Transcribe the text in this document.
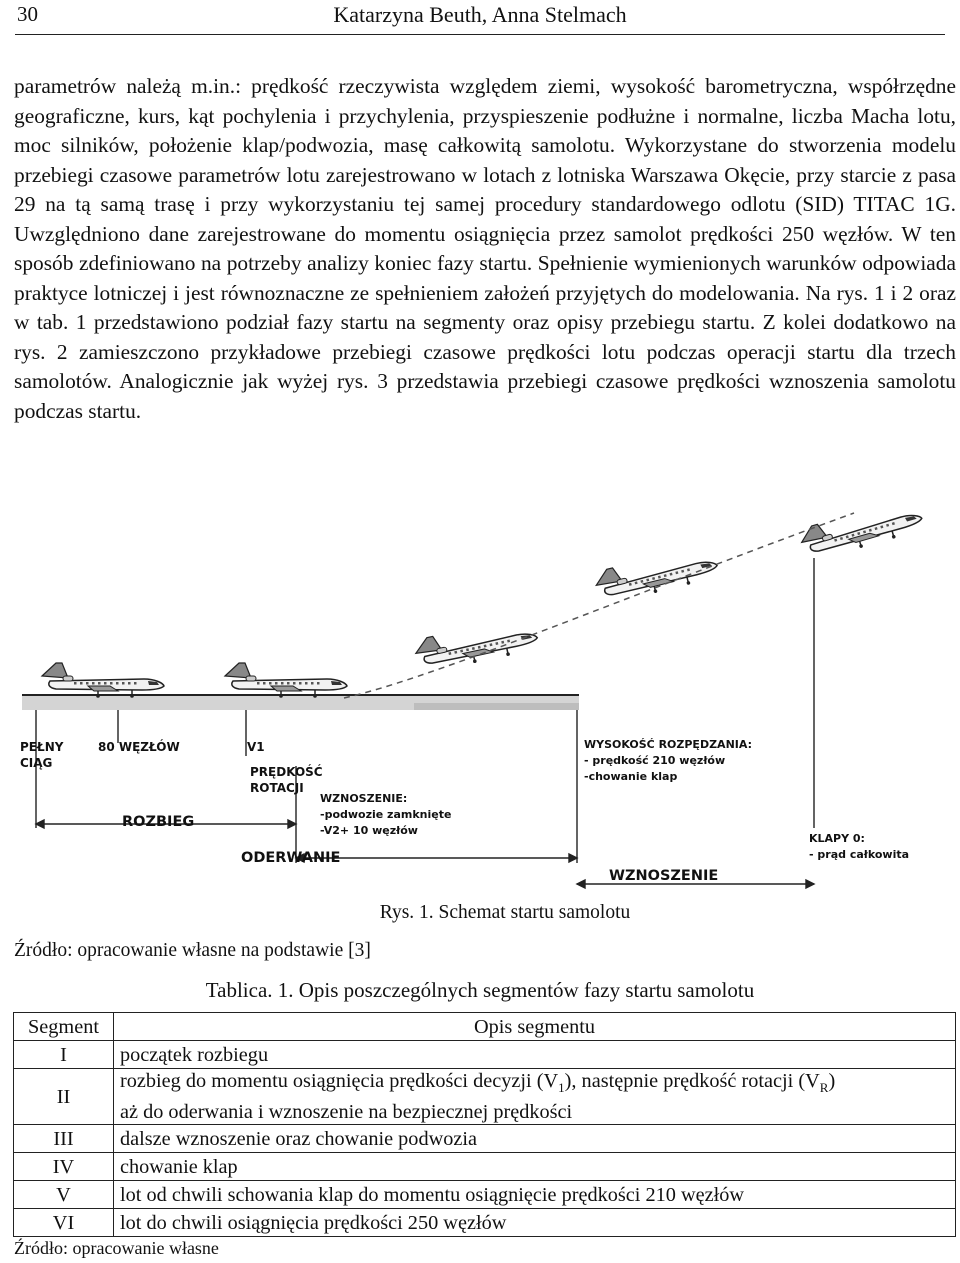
30	Katarzyna Beuth, Anna Stelmach

parametrów należą m.in.: prędkość rzeczywista względem ziemi, wysokość barometryczna, współrzędne geograficzne, kurs, kąt pochylenia i przychylenia, przyspieszenie podłużne i normalne, liczba Macha lotu, moc silników, położenie klap/podwozia, masę całkowitą samolotu. Wykorzystane do stworzenia modelu przebiegi czasowe parametrów lotu zarejestrowano w lotach z lotniska Warszawa Okęcie, przy starcie z pasa 29 na tą samą trasę i przy wykorzystaniu tej samej procedury standardowego odlotu (SID) TITAC 1G. Uwzględniono dane zarejestrowane do momentu osiągnięcia przez samolot prędkości 250 węzłów. W ten sposób zdefiniowano na potrzeby analizy koniec fazy startu. Spełnienie wymienionych warunków odpowiada praktyce lotniczej i jest równoznaczne ze spełnieniem założeń przyjętych do modelowania. Na rys. 1 i 2 oraz w tab. 1 przedstawiono podział fazy startu na segmenty oraz opisy przebiegu startu. Z kolei dodatkowo na rys. 2 zamieszczono przykładowe przebiegi czasowe prędkości lotu podczas operacji startu dla trzech samolotów. Analogicznie jak wyżej rys. 3 przedstawia przebiegi czasowe prędkości wznoszenia samolotu podczas startu.

PEŁNY
CIĄG
80 WĘZŁÓW	V1
PRĘDKOŚĆ
ROTACJI
ROZBIEG
WZNOSZENIE:
-podwozie zamknięte
-V2+ 10 węzłów
ODERWANIE
WYSOKOŚĆ ROZPĘDZANIA:
- prędkość 210 węzłów
-chowanie klap
KLAPY 0:
- prąd całkowita
WZNOSZENIE
Rys. 1. Schemat startu samolotu
Źródło: opracowanie własne na podstawie [3]
Tablica. 1. Opis poszczególnych segmentów fazy startu samolotu
Segment	Opis segmentu
I	początek rozbiegu
II	rozbieg do momentu osiągnięcia prędkości decyzji $(V_1)$, następnie prędkość rotacji $(V_R)$
aż do oderwania i wznoszenie na bezpiecznej prędkości

III	dalsze wznoszenie oraz chowanie podwozia
IV	chowanie klap
V	lot od chwili schowania klap do momentu osiągnięcie prędkości 210 węzłów
VI	lot do chwili osiągnięcia prędkości 250 węzłów
Źródło: opracowanie własne
